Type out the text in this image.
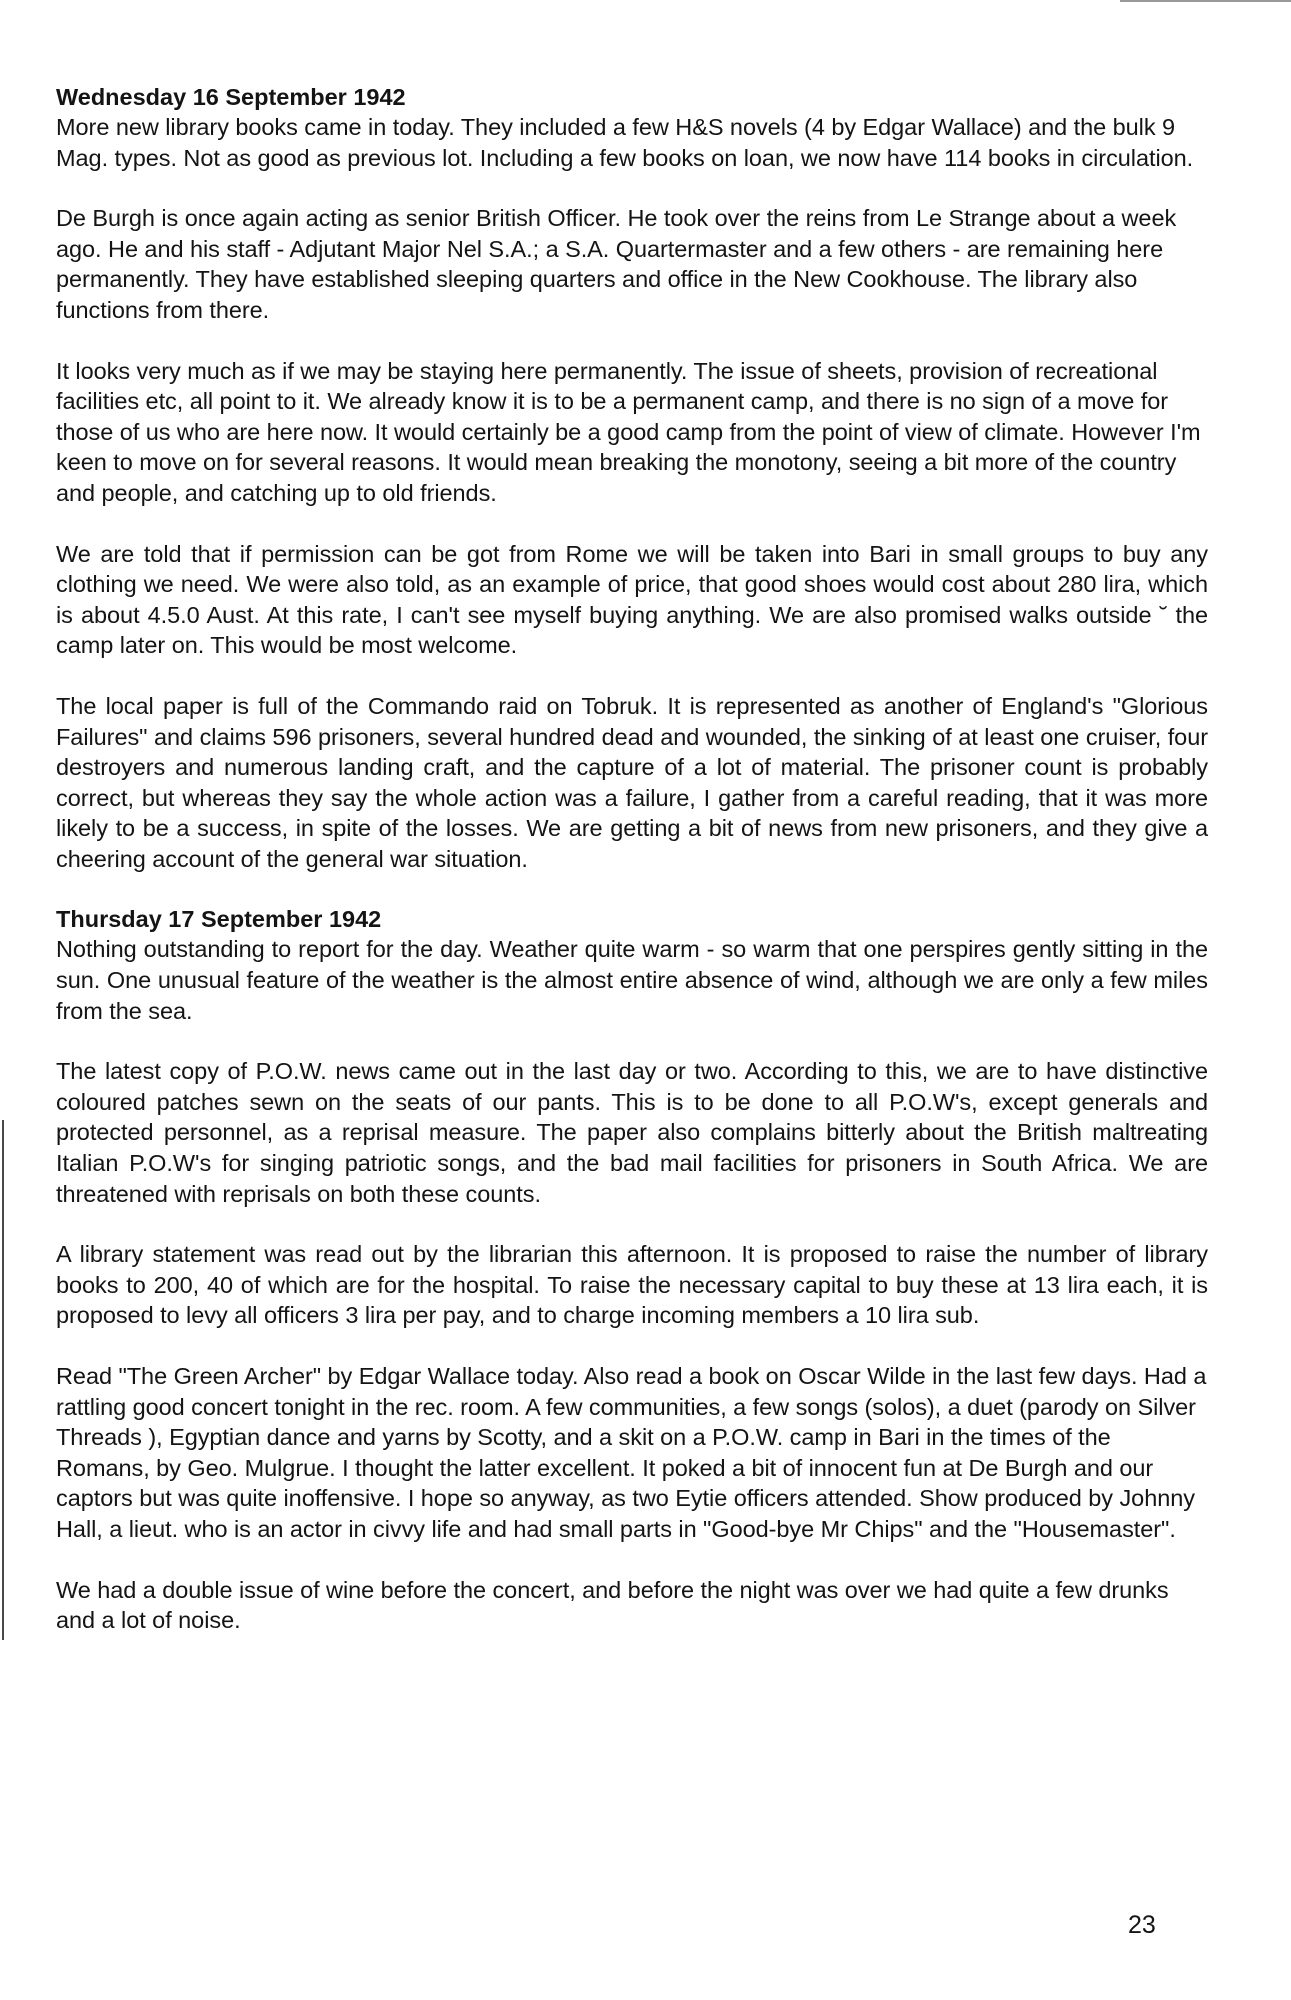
Wednesday 16 September 1942

More new library books came in today. They included a few H&S novels (4 by Edgar Wallace) and the bulk 9 Mag. types. Not as good as previous lot. Including a few books on loan, we now have 114 books in circulation.

De Burgh is once again acting as senior British Officer. He took over the reins from Le Strange about a week ago. He and his staff - Adjutant Major Nel S.A.; a S.A. Quartermaster and a few others - are remaining here permanently. They have established sleeping quarters and office in the New Cookhouse. The library also functions from there.

It looks very much as if we may be staying here permanently. The issue of sheets, provision of recreational facilities etc, all point to it. We already know it is to be a permanent camp, and there is no sign of a move for those of us who are here now. It would certainly be a good camp from the point of view of climate. However I'm keen to move on for several reasons. It would mean breaking the monotony, seeing a bit more of the country and people, and catching up to old friends.

We are told that if permission can be got from Rome we will be taken into Bari in small groups to buy any clothing we need. We were also told, as an example of price, that good shoes would cost about 280 lira, which is about 4.5.0 Aust. At this rate, I can't see myself buying anything. We are also promised walks outside ˘ the camp later on. This would be most welcome.

The local paper is full of the Commando raid on Tobruk. It is represented as another of England's "Glorious Failures" and claims 596 prisoners, several hundred dead and wounded, the sinking of at least one cruiser, four destroyers and numerous landing craft, and the capture of a lot of material. The prisoner count is probably correct, but whereas they say the whole action was a failure, I gather from a careful reading, that it was more likely to be a success, in spite of the losses. We are getting a bit of news from new prisoners, and they give a cheering account of the general war situation.

Thursday 17 September 1942

Nothing outstanding to report for the day. Weather quite warm - so warm that one perspires gently sitting in the sun. One unusual feature of the weather is the almost entire absence of wind, although we are only a few miles from the sea.

The latest copy of P.O.W. news came out in the last day or two. According to this, we are to have distinctive coloured patches sewn on the seats of our pants. This is to be done to all P.O.W's, except generals and protected personnel, as a reprisal measure. The paper also complains bitterly about the British maltreating Italian P.O.W's for singing patriotic songs, and the bad mail facilities for prisoners in South Africa. We are threatened with reprisals on both these counts.

A library statement was read out by the librarian this afternoon. It is proposed to raise the number of library books to 200, 40 of which are for the hospital. To raise the necessary capital to buy these at 13 lira each, it is proposed to levy all officers 3 lira per pay, and to charge incoming members a 10 lira sub.

Read "The Green Archer" by Edgar Wallace today. Also read a book on Oscar Wilde in the last few days. Had a rattling good concert tonight in the rec. room. A few communities, a few songs (solos), a duet (parody on Silver Threads ), Egyptian dance and yarns by Scotty, and a skit on a P.O.W. camp in Bari in the times of the Romans, by Geo. Mulgrue. I thought the latter excellent. It poked a bit of innocent fun at De Burgh and our captors but was quite inoffensive. I hope so anyway, as two Eytie officers attended. Show produced by Johnny Hall, a lieut. who is an actor in civvy life and had small parts in "Good-bye Mr Chips" and the "Housemaster".

We had a double issue of wine before the concert, and before the night was over we had quite a few drunks and a lot of noise.

23
